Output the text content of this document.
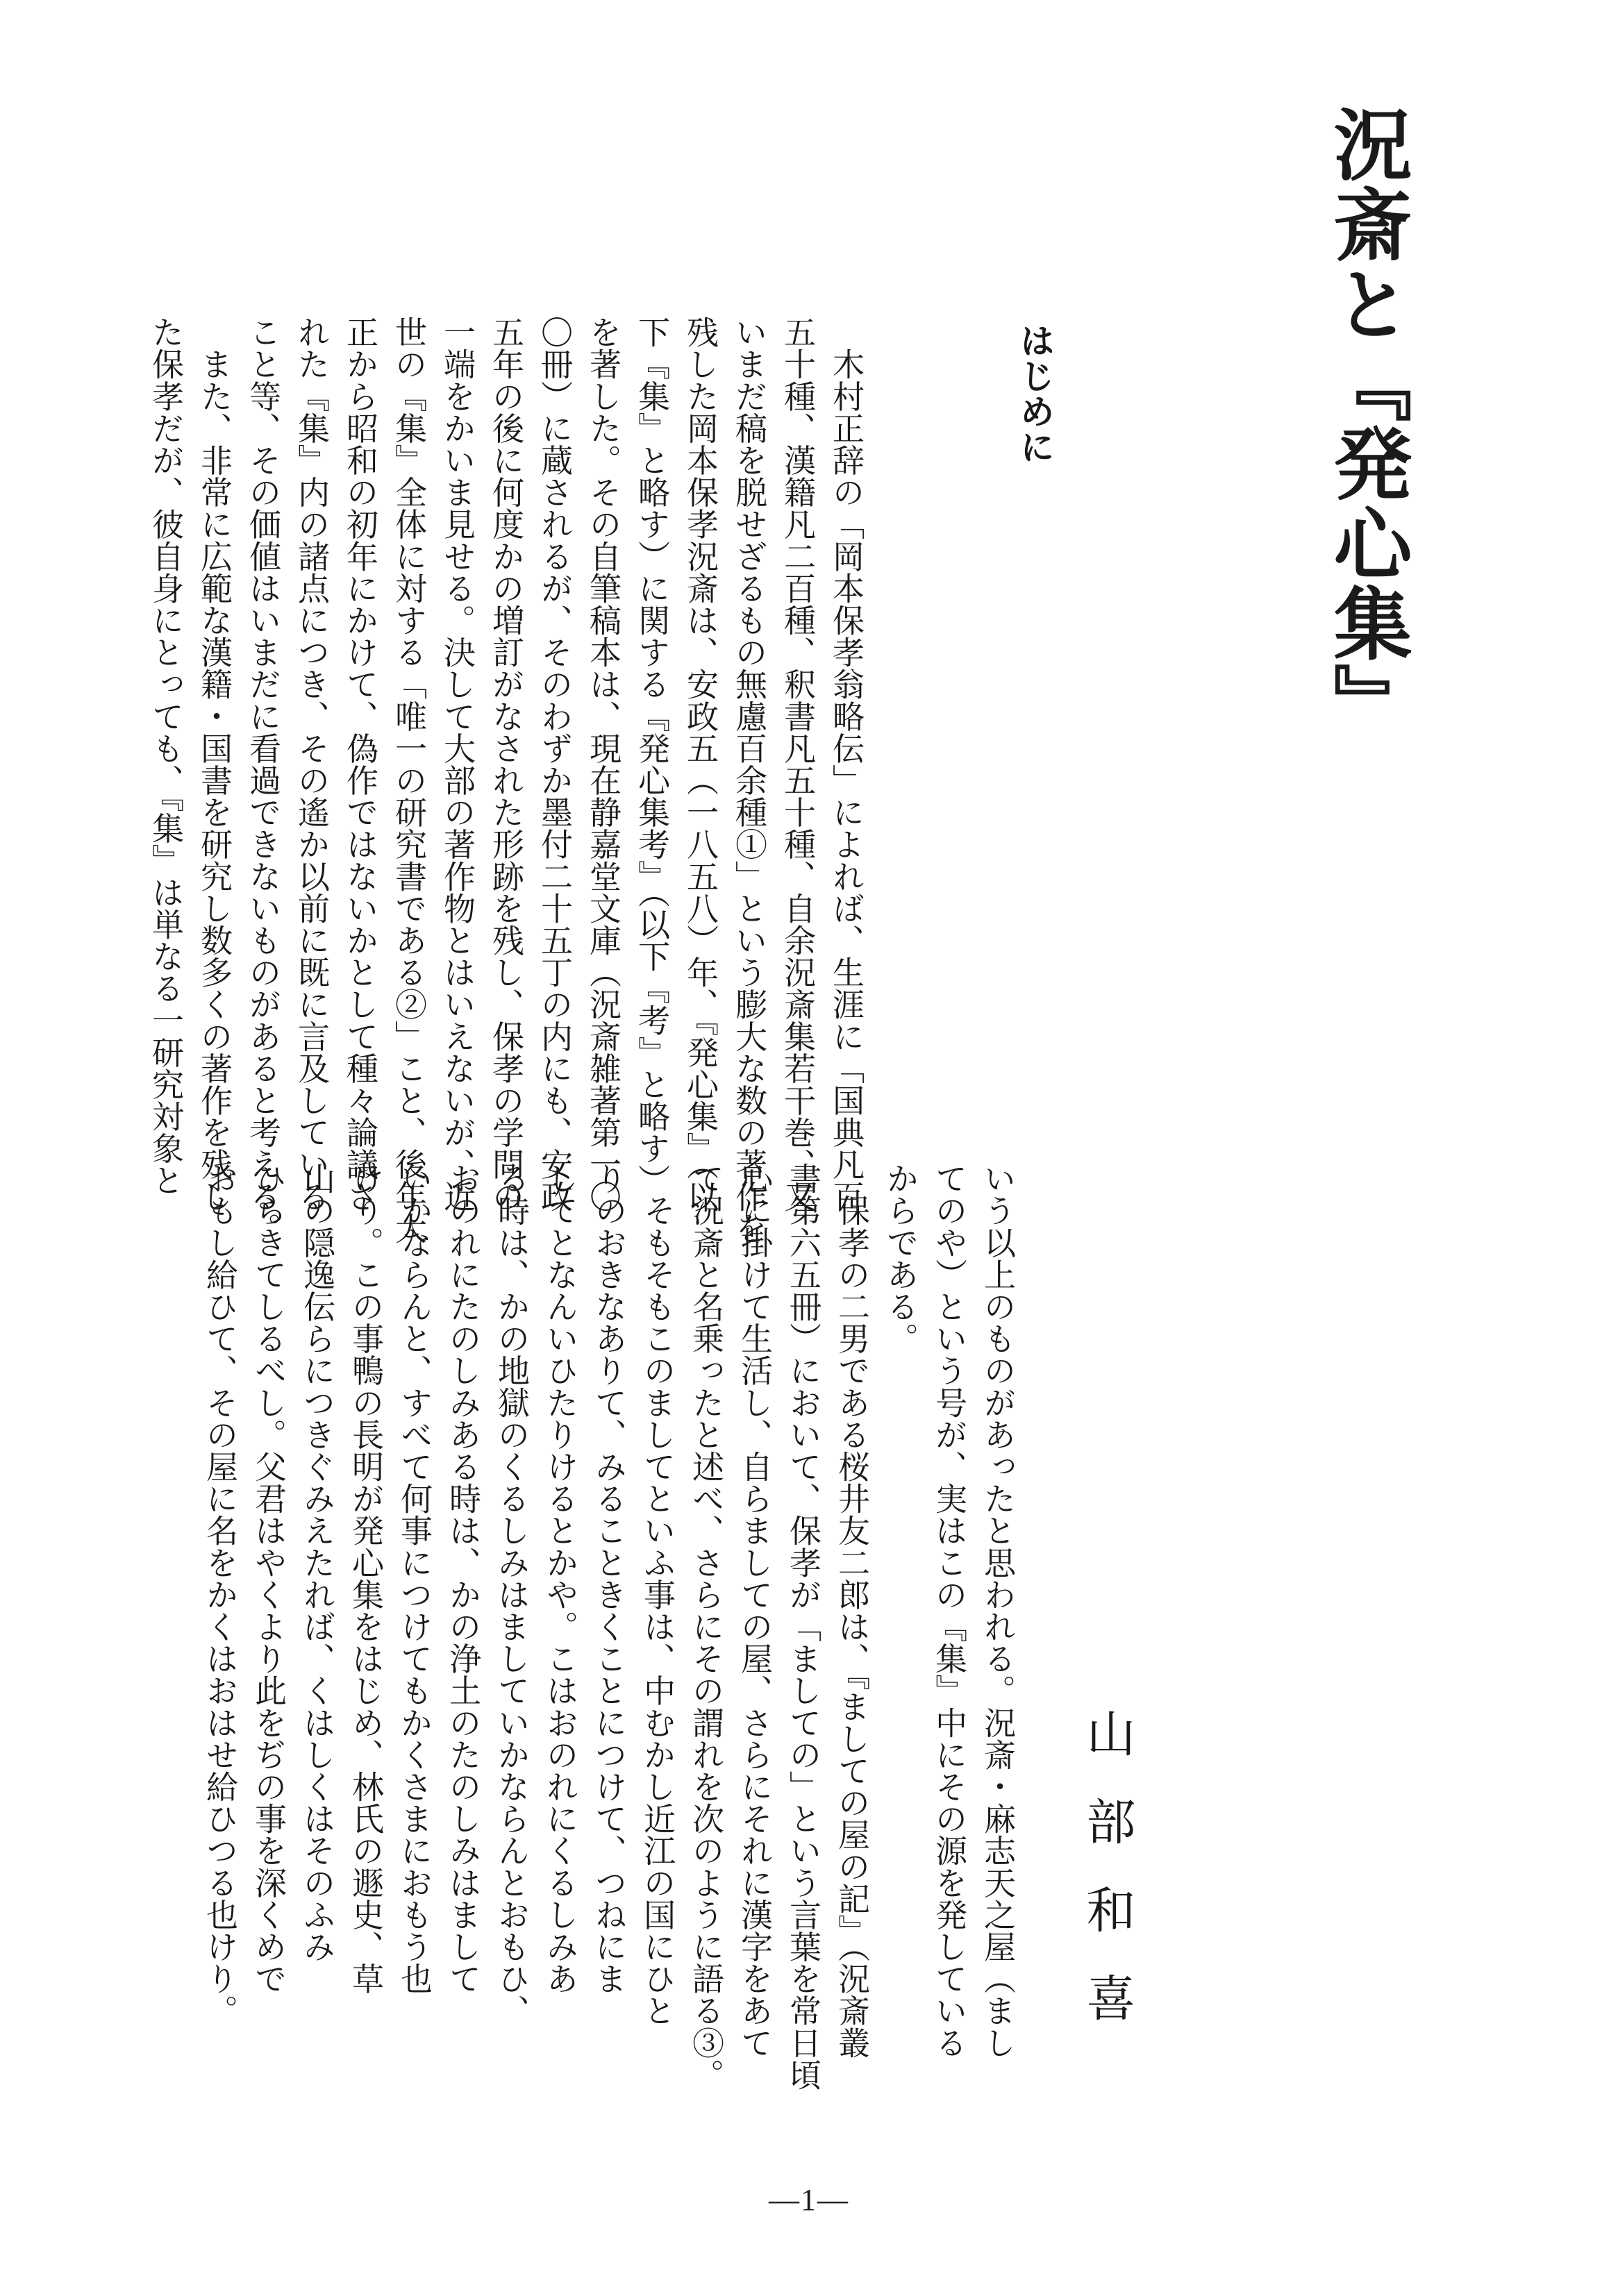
況斎と『発心集』
はじめに
山部和喜
　木村正辞の「岡本保孝翁略伝」によれば、生涯に「国典凡百
五十種、漢籍凡二百種、釈書凡五十種、自余況斎集若干巻、又
いまだ稿を脱せざるもの無慮百余種①」という膨大な数の著作を
残した岡本保孝況斎は、安政五（一八五八）年、『発心集』（以
下『集』と略す）に関する『発心集考』（以下『考』と略す）
を著した。その自筆稿本は、現在静嘉堂文庫（況斎雑著第一〇
〇冊）に蔵されるが、そのわずか墨付二十五丁の内にも、安政
五年の後に何度かの増訂がなされた形跡を残し、保孝の学問の
一端をかいま見せる。決して大部の著作物とはいえないが、近
世の『集』全体に対する「唯一の研究書である②」こと、後年大
正から昭和の初年にかけて、偽作ではないかとして種々論議さ
れた『集』内の諸点につき、その遙か以前に既に言及している
こと等、その価値はいまだに看過できないものがあると考える。
　また、非常に広範な漢籍・国書を研究し数多くの著作を残し
た保孝だが、彼自身にとっても、『集』は単なる一研究対象と
いう以上のものがあったと思われる。況斎・麻志天之屋（まし
てのや）という号が、実はこの『集』中にその源を発している
からである。
　保孝の二男である桜井友二郎は、『ましての屋の記』（況斎叢
書第六五冊）において、保孝が「ましての」という言葉を常日頃
心に掛けて生活し、自らましての屋、さらにそれに漢字をあて
て況斎と名乗ったと述べ、さらにその謂れを次のように語る③。
　そもそもこのましてといふ事は、中むかし近江の国にひと
りのおきなありて、みることきくことにつけて、つねにま
してとなんいひたりけるとかや。こはおのれにくるしみあ
る時は、かの地獄のくるしみはましていかならんとおもひ、
おのれにたのしみある時は、かの浄土のたのしみはまして
いかならんと、すべて何事につけてもかくさまにおもう也
けり。この事鴨の長明が発心集をはじめ、林氏の遯史、草
山の隠逸伝らにつきぐみえたれば、くはしくはそのふみ
ひらきてしるべし。父君はやくより此をぢの事を深くめで
おもし給ひて、その屋に名をかくはおはせ給ひつる也けり。
—1—
